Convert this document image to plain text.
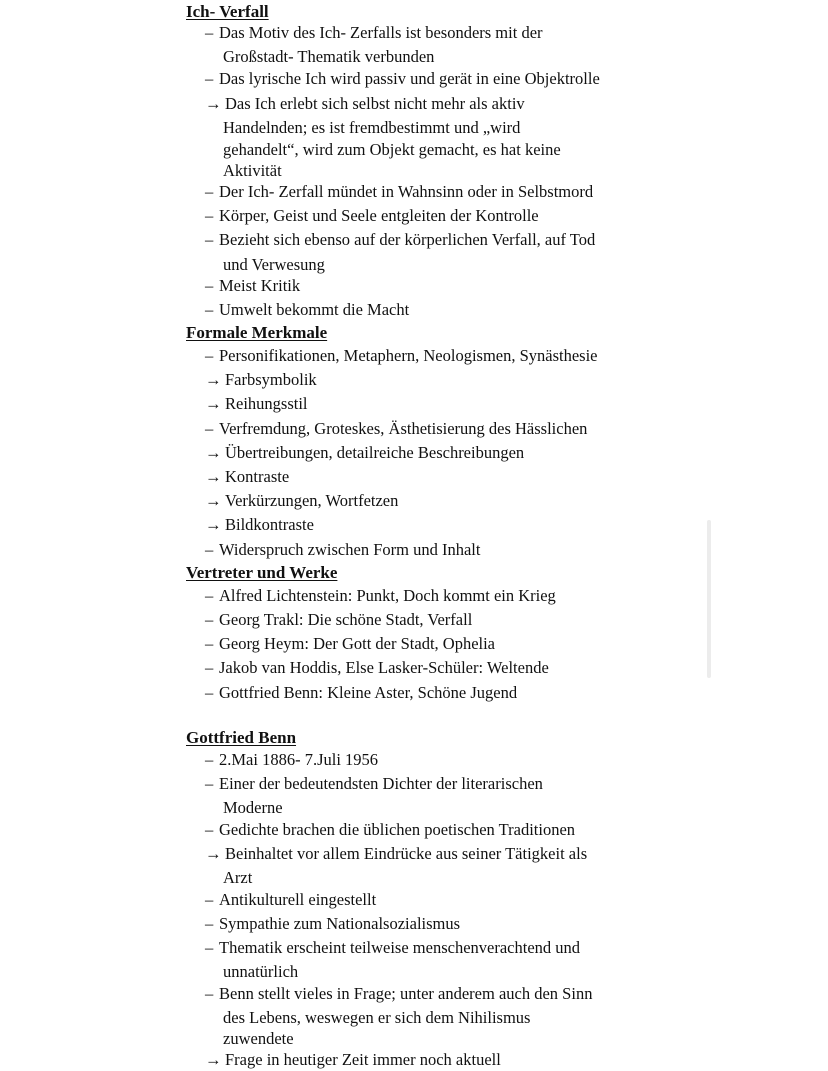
Ich- Verfall
– Das Motiv des Ich- Zerfalls ist besonders mit der
Großstadt- Thematik verbunden
– Das lyrische Ich wird passiv und gerät in eine Objektrolle
→ Das Ich erlebt sich selbst nicht mehr als aktiv
Handelnden; es ist fremdbestimmt und „wird
gehandelt“, wird zum Objekt gemacht, es hat keine
Aktivität
– Der Ich- Zerfall mündet in Wahnsinn oder in Selbstmord
– Körper, Geist und Seele entgleiten der Kontrolle
– Bezieht sich ebenso auf der körperlichen Verfall, auf Tod
und Verwesung
– Meist Kritik
– Umwelt bekommt die Macht
Formale Merkmale
– Personifikationen, Metaphern, Neologismen, Synästhesie
→ Farbsymbolik
→ Reihungsstil
– Verfremdung, Groteskes, Ästhetisierung des Hässlichen
→ Übertreibungen, detailreiche Beschreibungen
→ Kontraste
→ Verkürzungen, Wortfetzen
→ Bildkontraste
– Widerspruch zwischen Form und Inhalt
Vertreter und Werke
– Alfred Lichtenstein: Punkt, Doch kommt ein Krieg
– Georg Trakl: Die schöne Stadt, Verfall
– Georg Heym: Der Gott der Stadt, Ophelia
– Jakob van Hoddis, Else Lasker-Schüler: Weltende
– Gottfried Benn: Kleine Aster, Schöne Jugend
Gottfried Benn
– 2.Mai 1886- 7.Juli 1956
– Einer der bedeutendsten Dichter der literarischen
Moderne
– Gedichte brachen die üblichen poetischen Traditionen
→ Beinhaltet vor allem Eindrücke aus seiner Tätigkeit als
Arzt
– Antikulturell eingestellt
– Sympathie zum Nationalsozialismus
– Thematik erscheint teilweise menschenverachtend und
unnatürlich
– Benn stellt vieles in Frage; unter anderem auch den Sinn
des Lebens, weswegen er sich dem Nihilismus
zuwendete
→ Frage in heutiger Zeit immer noch aktuell
